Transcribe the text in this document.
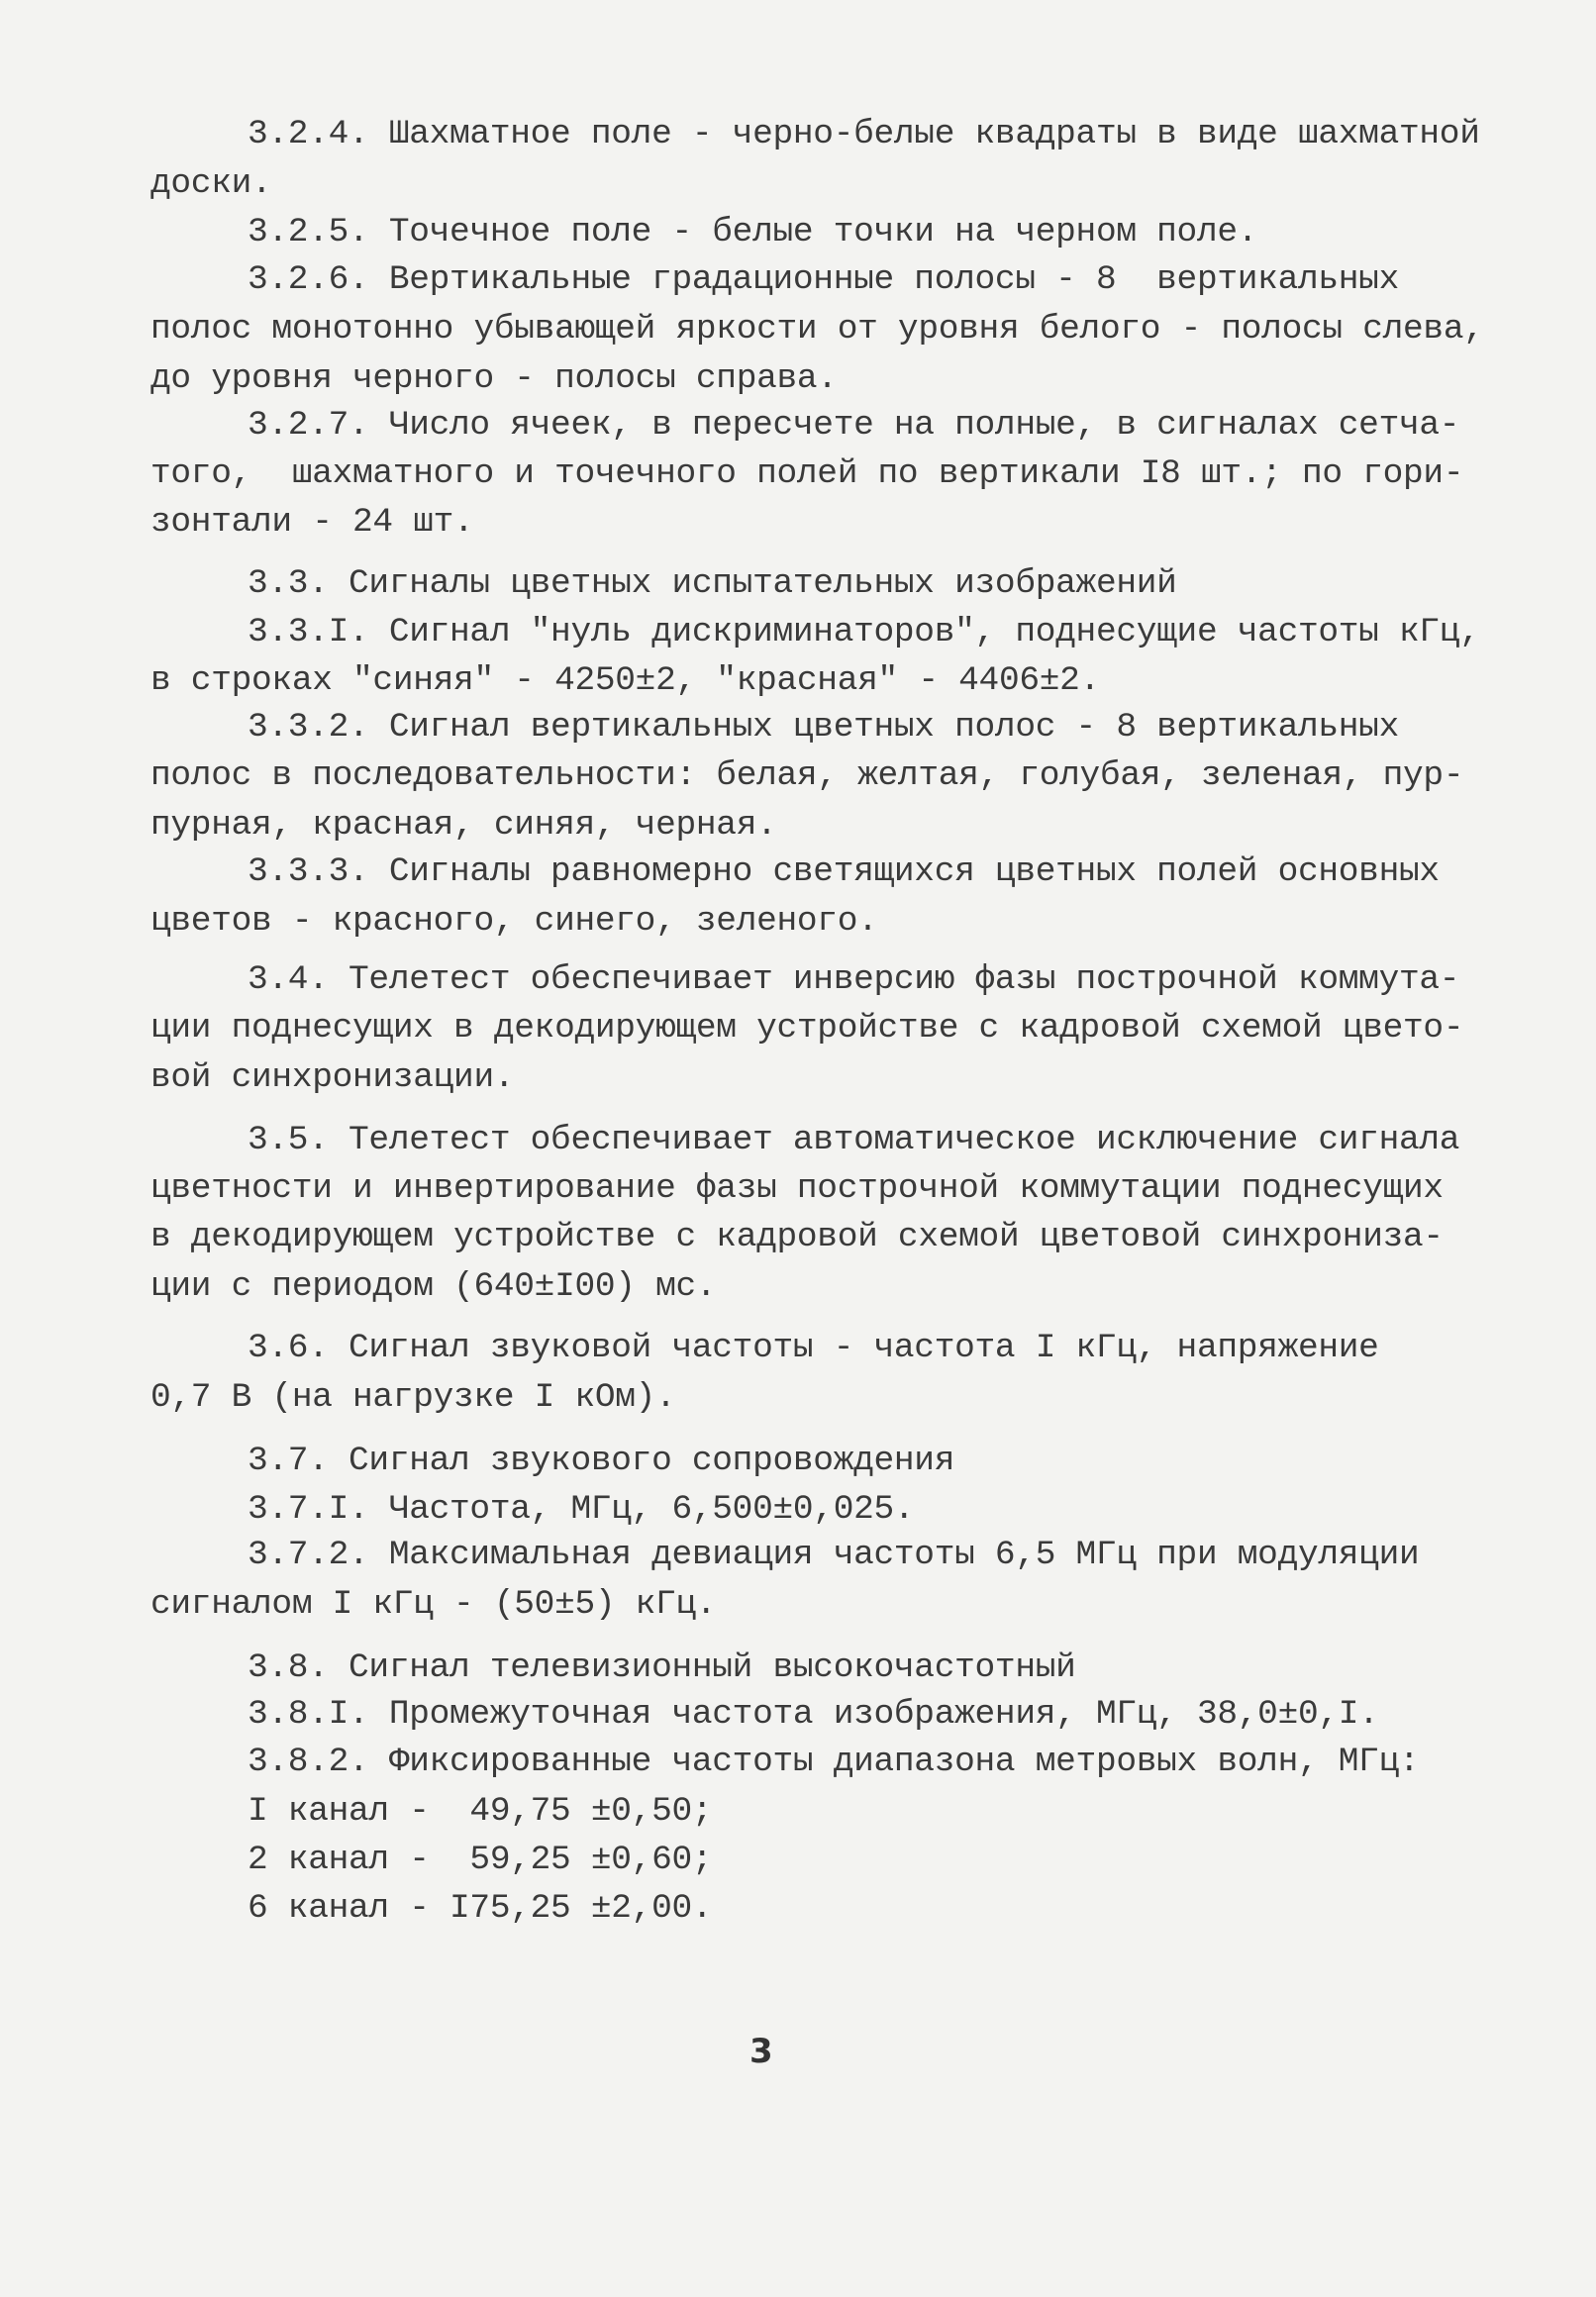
3.2.4. Шахматное поле - черно-белые квадраты в виде шахматной
доски.
3.2.5. Точечное поле - белые точки на черном поле.
3.2.6. Вертикальные градационные полосы - 8  вертикальных
полос монотонно убывающей яркости от уровня белого - полосы слева,
до уровня черного - полосы справа.
3.2.7. Число ячеек, в пересчете на полные, в сигналах сетча-
того,  шахматного и точечного полей по вертикали I8 шт.; по гори-
зонтали - 24 шт.
3.3. Сигналы цветных испытательных изображений
3.3.I. Сигнал "нуль дискриминаторов", поднесущие частоты кГц,
в строках "синяя" - 4250±2, "красная" - 4406±2.
3.3.2. Сигнал вертикальных цветных полос - 8 вертикальных
полос в последовательности: белая, желтая, голубая, зеленая, пур-
пурная, красная, синяя, черная.
3.3.3. Сигналы равномерно светящихся цветных полей основных
цветов - красного, синего, зеленого.
3.4. Телетест обеспечивает инверсию фазы построчной коммута-
ции поднесущих в декодирующем устройстве с кадровой схемой цвето-
вой синхронизации.
3.5. Телетест обеспечивает автоматическое исключение сигнала
цветности и инвертирование фазы построчной коммутации поднесущих
в декодирующем устройстве с кадровой схемой цветовой синхрониза-
ции с периодом (640±I00) мс.
3.6. Сигнал звуковой частоты - частота I кГц, напряжение
0,7 В (на нагрузке I кОм).
3.7. Сигнал звукового сопровождения
3.7.I. Частота, МГц, 6,500±0,025.
3.7.2. Максимальная девиация частоты 6,5 МГц при модуляции
сигналом I кГц - (50±5) кГц.
3.8. Сигнал телевизионный высокочастотный
3.8.I. Промежуточная частота изображения, МГц, 38,0±0,I.
3.8.2. Фиксированные частоты диапазона метровых волн, МГц:
I канал -  49,75 ±0,50;
2 канал -  59,25 ±0,60;
6 канал - I75,25 ±2,00.
3
